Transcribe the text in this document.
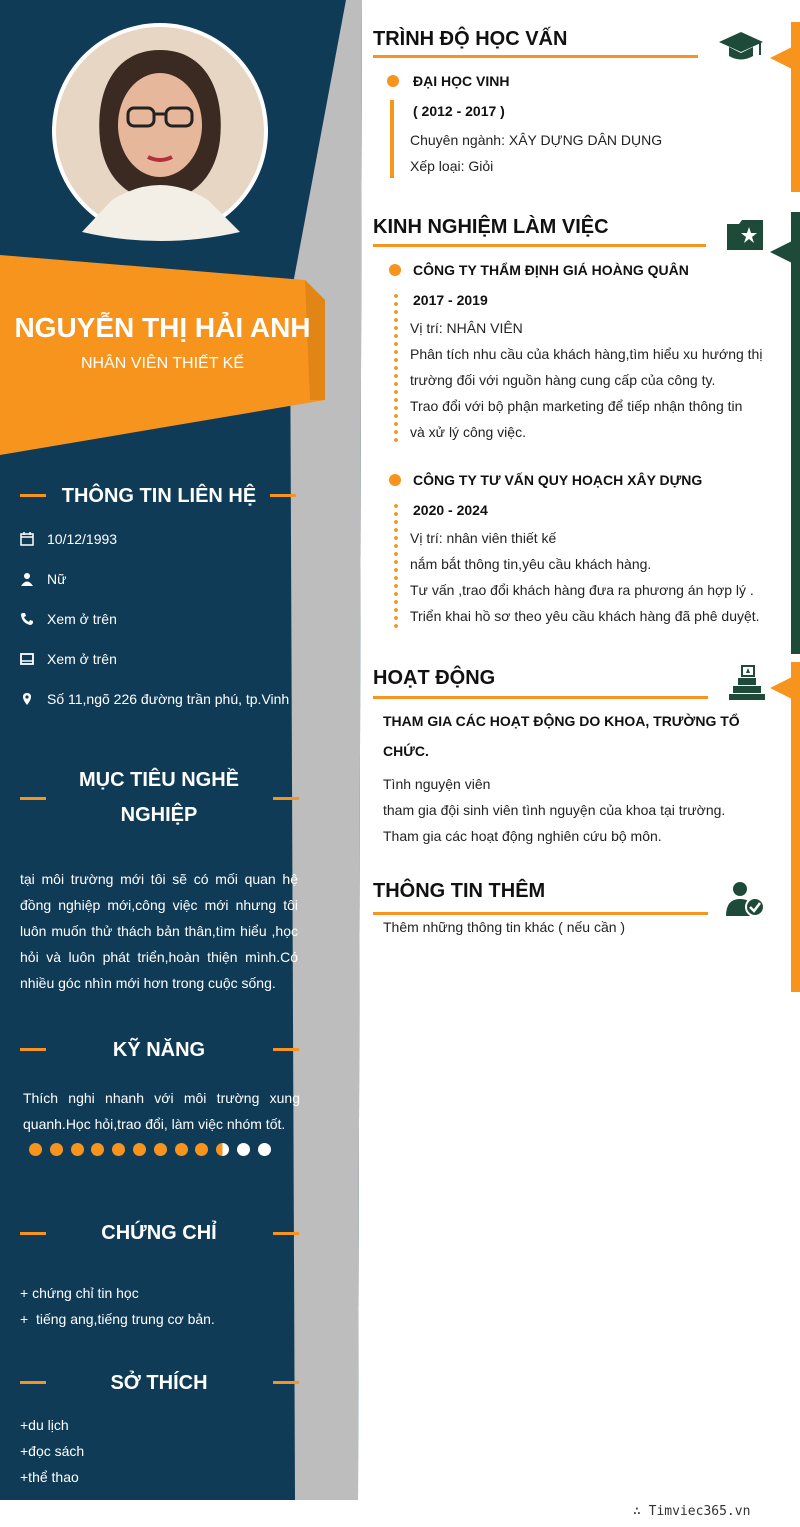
NGUYỄN THỊ HẢI ANH
NHÂN VIÊN THIẾT KẾ
THÔNG TIN LIÊN HỆ
10/12/1993
Nữ
Xem ở trên
Xem ở trên
Số 11,ngõ 226 đường trần phú, tp.Vinh
MỤC TIÊU NGHỀ
NGHIỆP
tại môi trường mới tôi sẽ có mối quan hệ đồng nghiệp mới,công việc mới nhưng tôi luôn muốn thử thách bản thân,tìm hiểu ,học hỏi và luôn phát triển,hoàn thiện mình.Có nhiều góc nhìn mới hơn trong cuộc sống.
KỸ NĂNG
Thích nghi nhanh với môi trường xung quanh.Học hỏi,trao đổi, làm việc nhóm tốt.
CHỨNG CHỈ
+ chứng chỉ tin học
+  tiếng ang,tiếng trung cơ bản.
SỞ THÍCH
+du lịch
+đọc sách
+thể thao
TRÌNH ĐỘ HỌC VẤN
ĐẠI HỌC VINH
( 2012 - 2017 )
Chuyên ngành: XÂY DỰNG DÂN DỤNG
Xếp loại: Giỏi
KINH NGHIỆM LÀM VIỆC
CÔNG TY THẨM ĐỊNH GIÁ HOÀNG QUÂN
2017 - 2019
Vị trí: NHÂN VIÊN
Phân tích nhu cầu của khách hàng,tìm hiểu xu hướng thị
trường đối với nguồn hàng cung cấp của công ty.
Trao đổi với bộ phận marketing để tiếp nhận thông tin
và xử lý công việc.
CÔNG TY TƯ VẤN QUY HOẠCH XÂY DỰNG
2020 - 2024
Vị trí: nhân viên thiết kế
nắm bắt thông tin,yêu cầu khách hàng.
Tư vấn ,trao đổi khách hàng đưa ra phương án hợp lý .
Triển khai hồ sơ theo yêu cầu khách hàng đã phê duyệt.
HOẠT ĐỘNG
THAM GIA CÁC HOẠT ĐỘNG DO KHOA, TRƯỜNG TỔ
CHỨC.
Tình nguyện viên
tham gia đội sinh viên tình nguyện của khoa tại trường.
Tham gia các hoạt động nghiên cứu bộ môn.
THÔNG TIN THÊM
Thêm những thông tin khác ( nếu cần )
∴ Timviec365.vn
